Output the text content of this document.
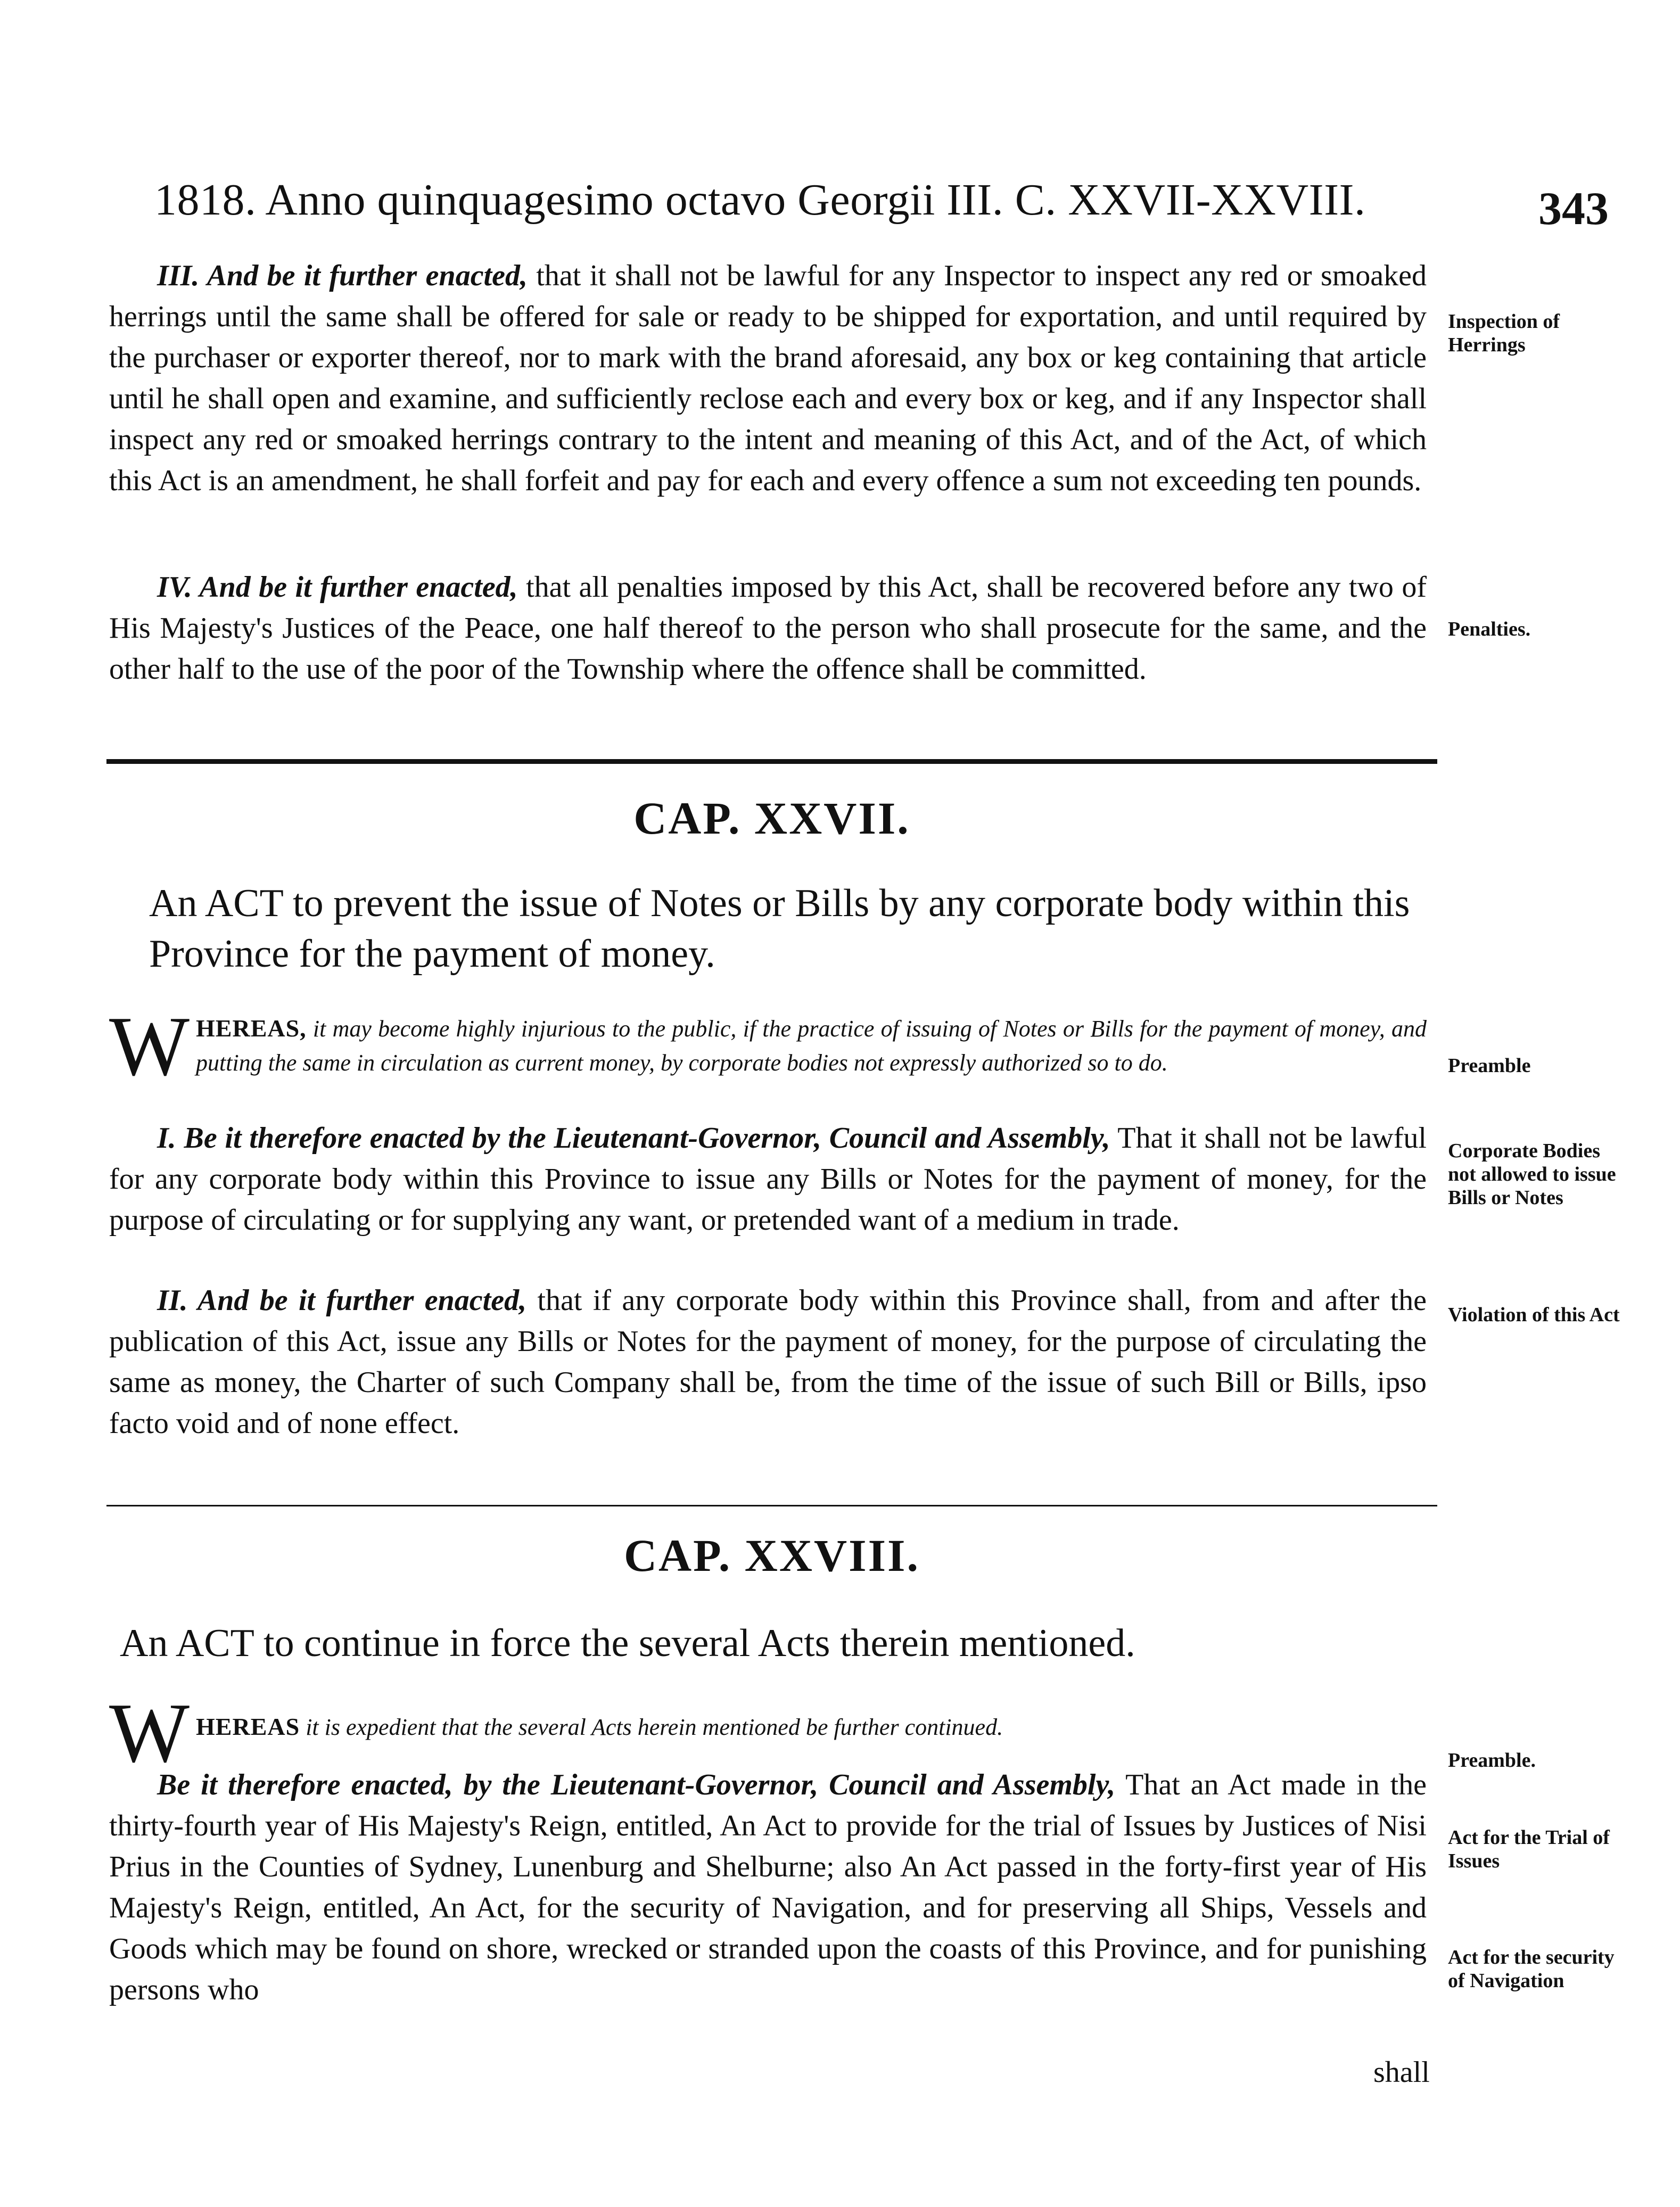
1818. Anno quinquagesimo octavo Georgii III. C. XXVII-XXVIII.	343

III. And be it further enacted, that it shall not be lawful for any Inspector to inspect any red or smoaked herrings until the same shall be offered for sale or ready to be shipped for exportation, and until required by the purchaser or exporter thereof, nor to mark with the brand aforesaid, any box or keg containing that article until he shall open and examine, and sufficiently reclose each and every box or keg, and if any Inspector shall inspect any red or smoaked herrings contrary to the intent and meaning of this Act, and of the Act, of which this Act is an amendment, he shall forfeit and pay for each and every offence a sum not exceeding ten pounds.

Inspection of Herrings

IV. And be it further enacted, that all penalties imposed by this Act, shall be recovered before any two of His Majesty's Justices of the Peace, one half thereof to the person who shall prosecute for the same, and the other half to the use of the poor of the Township where the offence shall be committed.

Penalties.

CAP. XXVII.

An ACT to prevent the issue of Notes or Bills by any corporate body within this Province for the payment of money.

W HEREAS, it may become highly injurious to the public, if the practice of issuing of Notes or Bills for the payment of money, and putting the same in circulation as current money, by corporate bodies not expressly authorized so to do.	Preamble

I. Be it therefore enacted by the Lieutenant-Governor, Council and Assembly, That it shall not be lawful for any corporate body within this Province to issue any Bills or Notes for the payment of money, for the purpose of circulating or for supplying any want, or pretended want of a medium in trade.

Corporate Bodies not allowed to issue Bills or Notes

II. And be it further enacted, that if any corporate body within this Province shall, from and after the publication of this Act, issue any Bills or Notes for the payment of money, for the purpose of circulating the same as money, the Charter of such Company shall be, from the time of the issue of such Bill or Bills, ipso facto void and of none effect.

Violation of this Act

CAP. XXVIII.

An ACT to continue in force the several Acts therein mentioned.

W HEREAS it is expedient that the several Acts herein mentioned be further continued.

Preamble.

Be it therefore enacted, by the Lieutenant-Governor, Council and Assembly, That an Act made in the thirty-fourth year of His Majesty's Reign, entitled, An Act to provide for the trial of Issues by Justices of Nisi Prius in the Counties of Sydney, Lunenburg and Shelburne; also An Act passed in the forty-first year of His Majesty's Reign, entitled, An Act, for the security of Navigation, and for preserving all Ships, Vessels and Goods which may be found on shore, wrecked or stranded upon the coasts of this Province, and for punishing persons who

Act for the Trial of Issues

Act for the security of Navigation

shall
